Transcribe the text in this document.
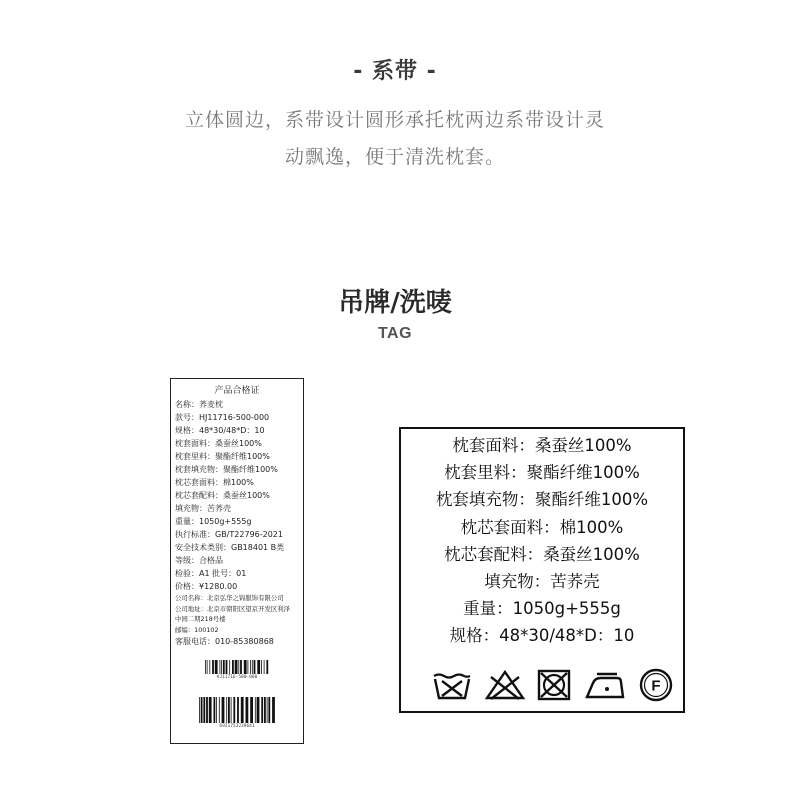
- 系带 -
立体圆边，系带设计圆形承托枕两边系带设计灵
动飘逸，便于清洗枕套。
吊牌/洗唛
TAG
产品合格证
名称：荞麦枕
款号：HJ11716-500-000
规格：48*30/48*D：10
枕套面料：桑蚕丝100%
枕套里料：聚酯纤维100%
枕套填充物：聚酯纤维100%
枕芯套面料：棉100%
枕芯套配料：桑蚕丝100%
填充物：苦荞壳
重量：1050g+555g
执行标准：GB/T22796-2021
安全技术类别：GB18401 B类
等级：合格品
检验：A1 批号：01
价格：¥1280.00
公司名称：北京弘华之锦服饰有限公司
公司地址：北京市朝阳区望京开发区利泽
中园二期218号楼
邮编：100102
客服电话：010-85380868
HJ11716-500-000
6921753239641
枕套面料：桑蚕丝100%
枕套里料：聚酯纤维100%
枕套填充物：聚酯纤维100%
枕芯套面料：棉100%
枕芯套配料：桑蚕丝100%
填充物：苦荞壳
重量：1050g+555g
规格：48*30/48*D：10
F
